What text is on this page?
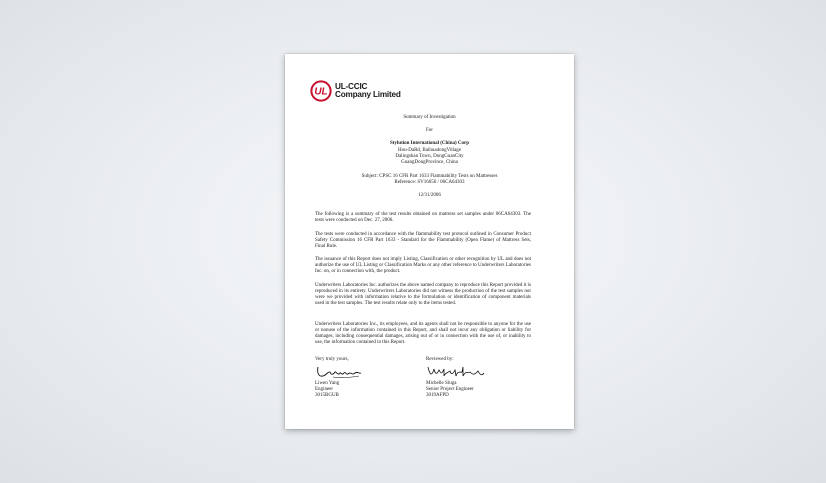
UL
UL-CCIC
Company Limited
Summary of Investigation
For
Stylution International (China) Corp
Hou-DaRd, BaihuadongVillage
Dalingshan Town, DongGuanCity
GuangDongProvince, China
Subject: CPSC 16 CFR Part 1633 Flammability Tests on Mattresses
Reference: SV16656 / 06CA64303
12/31/2006
The following is a summary of the test results obtained on mattress set samples under 06CA64303. The tests were conducted on Dec. 27, 2006.
The tests were conducted in accordance with the flammability test protocol outlined in Consumer Product Safety Commission 16 CFR Part 1633 - Standard for the Flammability (Open Flame) of Mattress Sets, Final Rule.
The issuance of this Report does not imply Listing, Classification or other recognition by UL and does not authorize the use of UL Listing or Classification Marks or any other reference to Underwriters Laboratories Inc. on, or in connection with, the product.
Underwriters Laboratories Inc. authorizes the above named company to reproduce this Report provided it is reproduced in its entirety. Underwriters Laboratories did not witness the production of the test samples nor were we provided with information relative to the formulation or identification of component materials used in the test samples. The test results relate only to the items tested.
Underwriters Laboratories Inc., its employees, and its agents shall not be responsible to anyone for the use or nonuse of the information contained in this Report, and shall not incur any obligation or liability for damages, including consequential damages, arising out of or in connection with the use of, or inability to use, the information contained in this Report.
Very truly yours,	Reviewed by:
Liwen Yang
Engineer
3015BGUB
Michelle Sluga
Senior Project Engineer
3019AFPD
